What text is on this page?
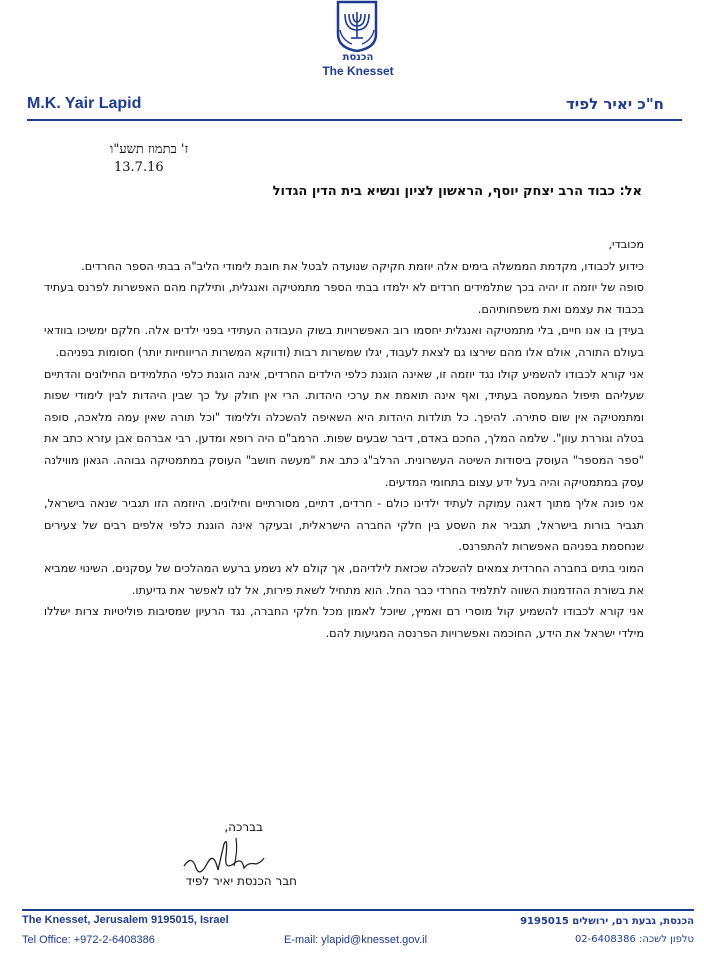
הכנסת
The Knesset
M.K. Yair Lapid	ח"כ יאיר לפיד
ז' בתמוז תשע"ו
13.7.16
אל: כבוד הרב יצחק יוסף, הראשון לציון ונשיא בית הדין הגדול

מכובדי,

כידוע לכבודו, מקדמת הממשלה בימים אלה יוזמת חקיקה שנועדה לבטל את חובת לימודי הליב"ה בבתי הספר החרדים.

סופה של יוזמה זו יהיה בכך שתלמידים חרדים לא ילמדו בבתי הספר מתמטיקה ואנגלית, ותילקח מהם האפשרות לפרנס בעתיד בכבוד את עצמם ואת משפחותיהם.

בעידן בו אנו חיים, בלי מתמטיקה ואנגלית יחסמו רוב האפשרויות בשוק העבודה העתידי בפני ילדים אלה. חלקם ימשיכו בוודאי בעולם התורה, אולם אלו מהם שירצו גם לצאת לעבוד, יגלו שמשרות רבות (ודווקא המשרות הריווחיות יותר) חסומות בפניהם.

אני קורא לכבודו להשמיע קולו נגד יוזמה זו, שאינה הוגנת כלפי הילדים החרדים, אינה הוגנת כלפי התלמידים החילונים והדתיים שעליהם תיפול המעמסה בעתיד, ואף אינה תואמת את ערכי היהדות. הרי אין חולק על כך שבין היהדות לבין לימודי שפות ומתמטיקה אין שום סתירה. להיפך. כל תולדות היהדות היא השאיפה להשכלה וללימוד "וכל תורה שאין עמה מלאכה, סופה בטלה וגוררת עוון". שלמה המלך, החכם באדם, דיבר שבעים שפות. הרמב"ם היה רופא ומדען. רבי אברהם אבן עזרא כתב את "ספר המספר" העוסק ביסודות השיטה העשרונית. הרלב"ג כתב את "מעשה חושב" העוסק במתמטיקה גבוהה. הגאון מווילנה עסק במתמטיקה והיה בעל ידע עצום בתחומי המדעים.

אני פונה אליך מתוך דאגה עמוקה לעתיד ילדינו כולם - חרדים, דתיים, מסורתיים וחילונים. היוזמה הזו תגביר שנאה בישראל, תגביר בורות בישראל, תגביר את השסע בין חלקי החברה הישראלית, ובעיקר אינה הוגנת כלפי אלפים רבים של צעירים שנחסמת בפניהם האפשרות להתפרנס.

המוני בתים בחברה החרדית צמאים להשכלה שכזאת לילדיהם, אך קולם לא נשמע ברעש המהלכים של עסקנים. השינוי שמביא את בשורת ההזדמנות השווה לתלמיד החרדי כבר החל. הוא מתחיל לשאת פירות, אל לנו לאפשר את גדיעתו.

אני קורא לכבודו להשמיע קול מוסרי רם ואמיץ, שיוכל לאמון מכל חלקי החברה, נגד הרעיון שמסיבות פוליטיות צרות ישללו מילדי ישראל את הידע, החוכמה ואפשרויות הפרנסה המגיעות להם.

בברכה,
חבר הכנסת יאיר לפיד
The Knesset, Jerusalem 9195015, Israel
Tel Office: +972-2-6408386	E-mail: ylapid@knesset.gov.il
הכנסת, גבעת רם, ירושלים 9195015
טלפון לשכה: 02-6408386
